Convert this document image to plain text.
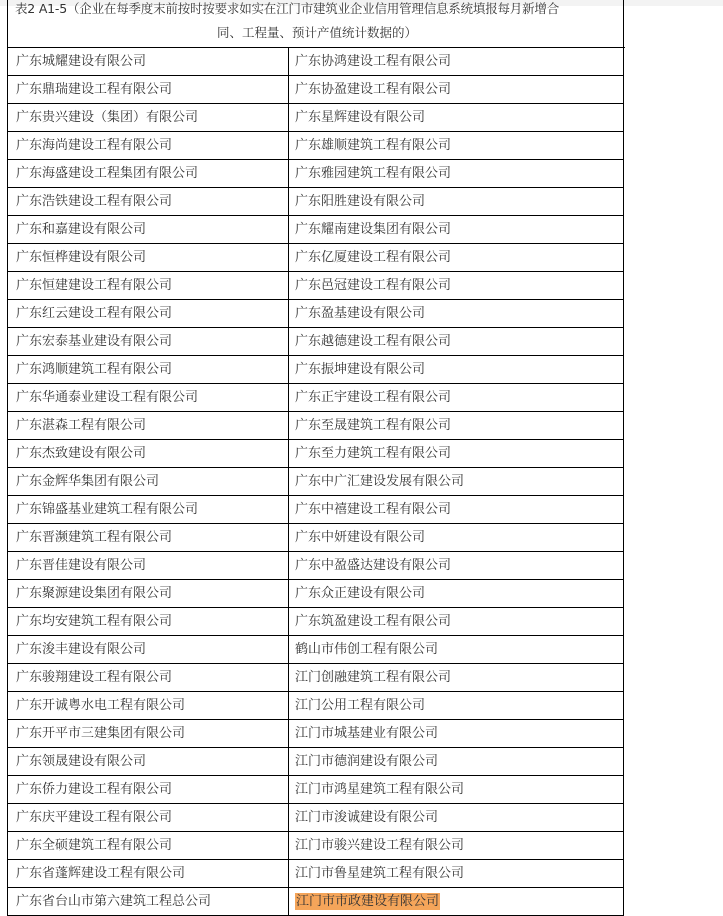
表2 A1-5（企业在每季度末前按时按要求如实在江门市建筑业企业信用管理信息系统填报每月新增合
同、工程量、预计产值统计数据的）
广东城耀建设有限公司	广东协鸿建设工程有限公司
广东鼎瑞建设工程有限公司	广东协盈建设工程有限公司
广东贵兴建设（集团）有限公司	广东星辉建设有限公司
广东海尚建设工程有限公司	广东雄顺建筑工程有限公司
广东海盛建设工程集团有限公司	广东雅园建筑工程有限公司
广东浩铁建设工程有限公司	广东阳胜建设有限公司
广东和嘉建设有限公司	广东耀南建设集团有限公司
广东恒桦建设有限公司	广东亿厦建设工程有限公司
广东恒建建设工程有限公司	广东邑冠建设工程有限公司
广东红云建设工程有限公司	广东盈基建设有限公司
广东宏泰基业建设有限公司	广东越德建设工程有限公司
广东鸿顺建筑工程有限公司	广东振坤建设有限公司
广东华通泰业建设工程有限公司	广东正宇建设工程有限公司
广东湛森工程有限公司	广东至晟建筑工程有限公司
广东杰致建设有限公司	广东至力建筑工程有限公司
广东金辉华集团有限公司	广东中广汇建设发展有限公司
广东锦盛基业建筑工程有限公司	广东中禧建设工程有限公司
广东晋濒建筑工程有限公司	广东中妍建设有限公司
广东晋佳建设有限公司	广东中盈盛达建设有限公司
广东聚源建设集团有限公司	广东众正建设有限公司
广东均安建筑工程有限公司	广东筑盈建设工程有限公司
广东浚丰建设有限公司	鹤山市伟创工程有限公司
广东骏翔建设工程有限公司	江门创融建筑工程有限公司
广东开诚粤水电工程有限公司	江门公用工程有限公司
广东开平市三建集团有限公司	江门市城基建业有限公司
广东领晟建设有限公司	江门市德润建设有限公司
广东侨力建设工程有限公司	江门市鸿星建筑工程有限公司
广东庆平建设工程有限公司	江门市浚诚建设有限公司
广东全硕建筑工程有限公司	江门市骏兴建设工程有限公司
广东省蓬辉建设工程有限公司	江门市鲁星建筑工程有限公司
广东省台山市第六建筑工程总公司	江门市市政建设有限公司
